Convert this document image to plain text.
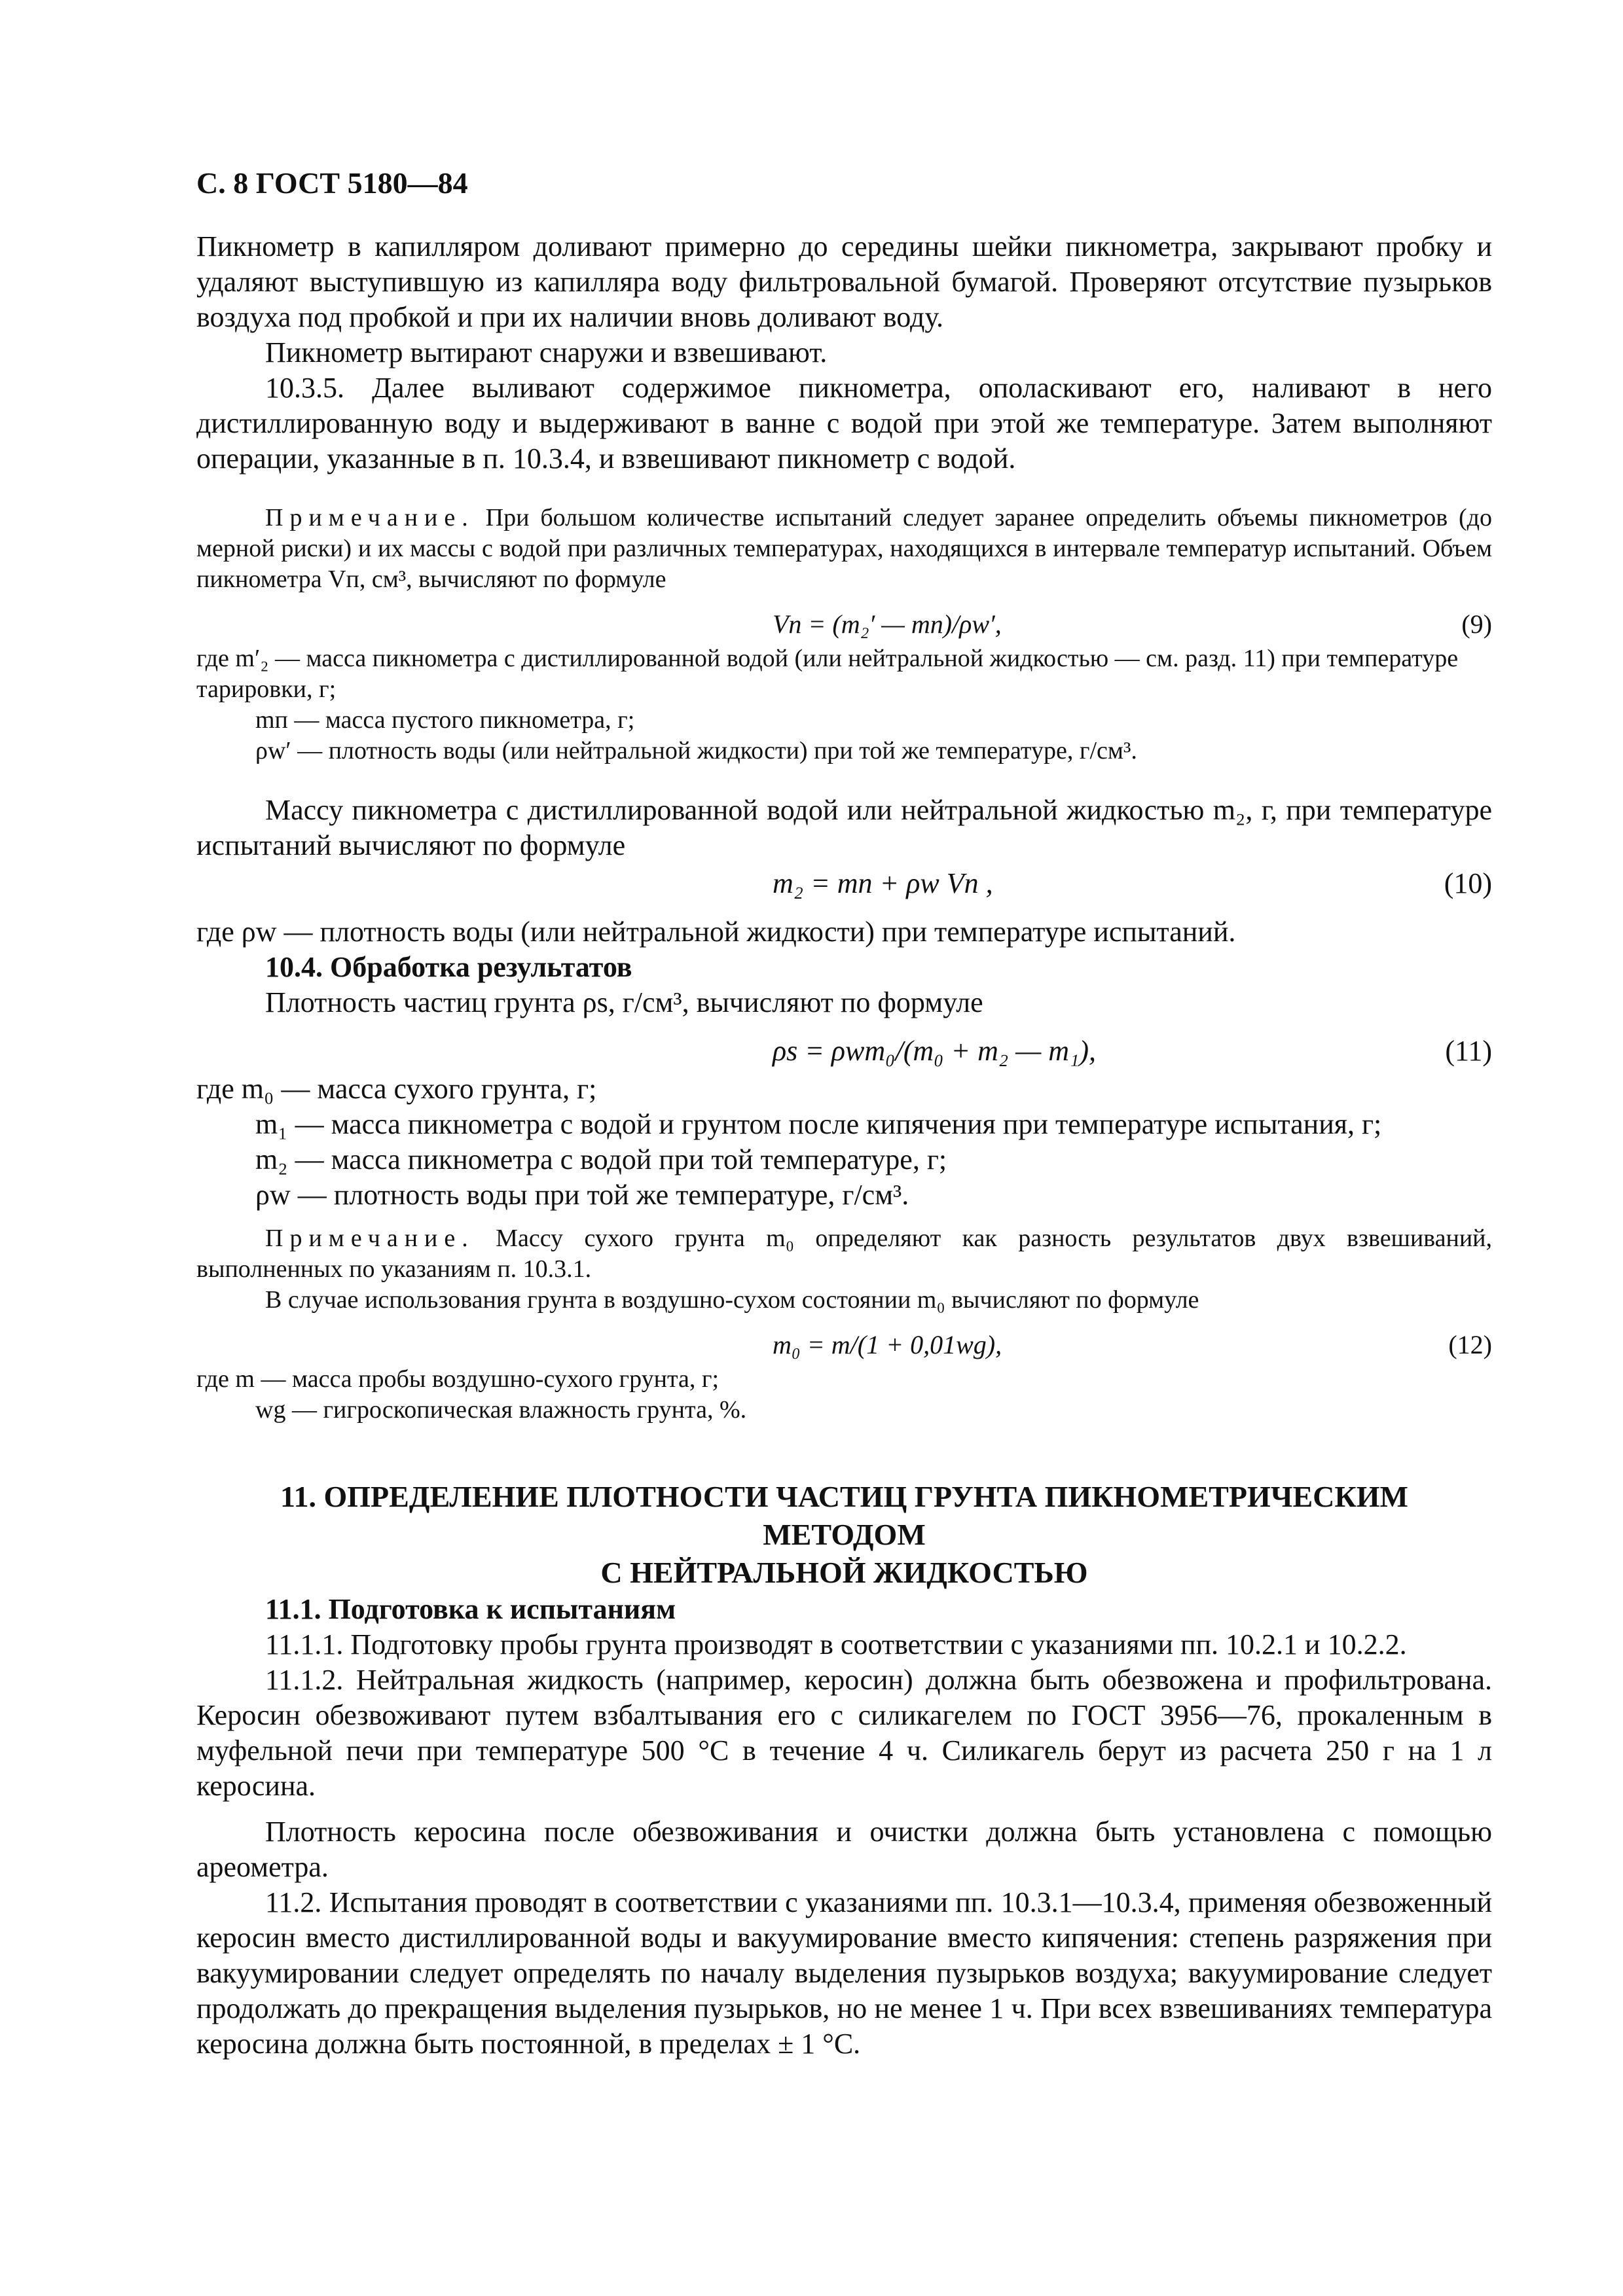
С. 8 ГОСТ 5180—84

Пикнометр в капилляром доливают примерно до середины шейки пикнометра, закрывают пробку и удаляют выступившую из капилляра воду фильтровальной бумагой. Проверяют отсутствие пузырьков воздуха под пробкой и при их наличии вновь доливают воду.

Пикнометр вытирают снаружи и взвешивают.

10.3.5. Далее выливают содержимое пикнометра, ополаскивают его, наливают в него дистиллированную воду и выдерживают в ванне с водой при этой же температуре. Затем выполняют операции, указанные в п. 10.3.4, и взвешивают пикнометр с водой.

Примечание. При большом количестве испытаний следует заранее определить объемы пикнометров (до мерной риски) и их массы с водой при различных температурах, находящихся в интервале температур испытаний. Объем пикнометра Vп, см³, вычисляют по формуле

Vп = (m₂′ — mп)/ρw′,	(9)

где m′₂ — масса пикнометра с дистиллированной водой (или нейтральной жидкостью — см. разд. 11) при температуре тарировки, г;

mп — масса пустого пикнометра, г;

ρw′ — плотность воды (или нейтральной жидкости) при той же температуре, г/см³.

Массу пикнометра с дистиллированной водой или нейтральной жидкостью m₂, г, при температуре испытаний вычисляют по формуле

m₂ = mп + ρw Vп ,	(10)

где ρw — плотность воды (или нейтральной жидкости) при температуре испытаний.

10.4. Обработка результатов

Плотность частиц грунта ρs, г/см³, вычисляют по формуле

ρs = ρwm₀/(m₀ + m₂ — m₁),	(11)

где m₀ — масса сухого грунта, г;

m₁ — масса пикнометра с водой и грунтом после кипячения при температуре испытания, г;

m₂ — масса пикнометра с водой при той температуре, г;

ρw — плотность воды при той же температуре, г/см³.

Примечание. Массу сухого грунта m₀ определяют как разность результатов двух взвешиваний, выполненных по указаниям п. 10.3.1.

В случае использования грунта в воздушно-сухом состоянии m₀ вычисляют по формуле

m₀ = m/(1 + 0,01wg),	(12)

где m — масса пробы воздушно-сухого грунта, г;

wg — гигроскопическая влажность грунта, %.

11. ОПРЕДЕЛЕНИЕ ПЛОТНОСТИ ЧАСТИЦ ГРУНТА ПИКНОМЕТРИЧЕСКИМ МЕТОДОМ

С НЕЙТРАЛЬНОЙ ЖИДКОСТЬЮ

11.1. Подготовка к испытаниям

11.1.1. Подготовку пробы грунта производят в соответствии с указаниями пп. 10.2.1 и 10.2.2.

11.1.2. Нейтральная жидкость (например, керосин) должна быть обезвожена и профильтрована. Керосин обезвоживают путем взбалтывания его с силикагелем по ГОСТ 3956—76, прокаленным в муфельной печи при температуре 500 °С в течение 4 ч. Силикагель берут из расчета 250 г на 1 л керосина.

Плотность керосина после обезвоживания и очистки должна быть установлена с помощью ареометра.

11.2. Испытания проводят в соответствии с указаниями пп. 10.3.1—10.3.4, применяя обезвоженный керосин вместо дистиллированной воды и вакуумирование вместо кипячения: степень разряжения при вакуумировании следует определять по началу выделения пузырьков воздуха; вакуумирование следует продолжать до прекращения выделения пузырьков, но не менее 1 ч. При всех взвешиваниях температура керосина должна быть постоянной, в пределах ± 1 °С.
